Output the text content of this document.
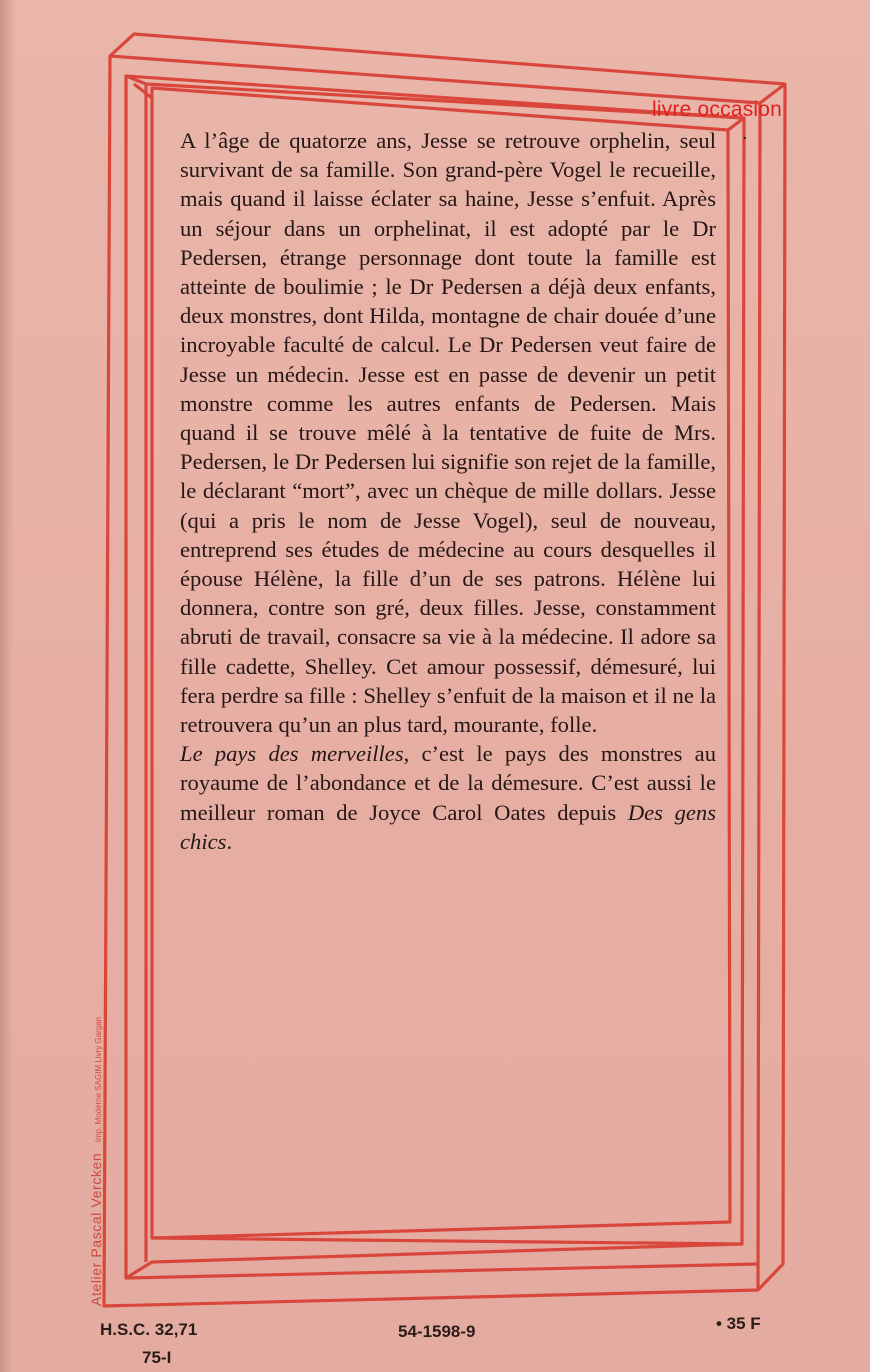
livre occasion
·

A l’âge de quatorze ans, Jesse se retrouve orphelin, seul survivant de sa famille. Son grand-père Vogel le recueille, mais quand il laisse éclater sa haine, Jesse s’enfuit. Après un séjour dans un orphelinat, il est adopté par le Dr Pedersen, étrange personnage dont toute la famille est atteinte de boulimie ; le Dr Pedersen a déjà deux enfants, deux monstres, dont Hilda, montagne de chair douée d’une incroyable faculté de calcul. Le Dr Pedersen veut faire de Jesse un médecin. Jesse est en passe de devenir un petit monstre comme les autres enfants de Pedersen. Mais quand il se trouve mêlé à la tentative de fuite de Mrs. Pedersen, le Dr Pedersen lui signifie son rejet de la famille, le déclarant “mort”, avec un chèque de mille dollars. Jesse (qui a pris le nom de Jesse Vogel), seul de nouveau, entreprend ses études de médecine au cours desquelles il épouse Hélène, la fille d’un de ses patrons. Hélène lui donnera, contre son gré, deux filles. Jesse, constamment abruti de travail, consacre sa vie à la médecine. Il adore sa fille cadette, Shelley. Cet amour possessif, démesuré, lui fera perdre sa fille : Shelley s’enfuit de la maison et il ne la retrouvera qu’un an plus tard, mourante, folle.

Le pays des merveilles, c’est le pays des monstres au royaume de l’abondance et de la démesure. C’est aussi le meilleur roman de Joyce Carol Oates depuis Des gens chics.

Atelier Pascal Vercken Imp. Moderne SAGIM Livry Gargan
H.S.C. 32,71
75-I
54-1598-9	• 35 F
